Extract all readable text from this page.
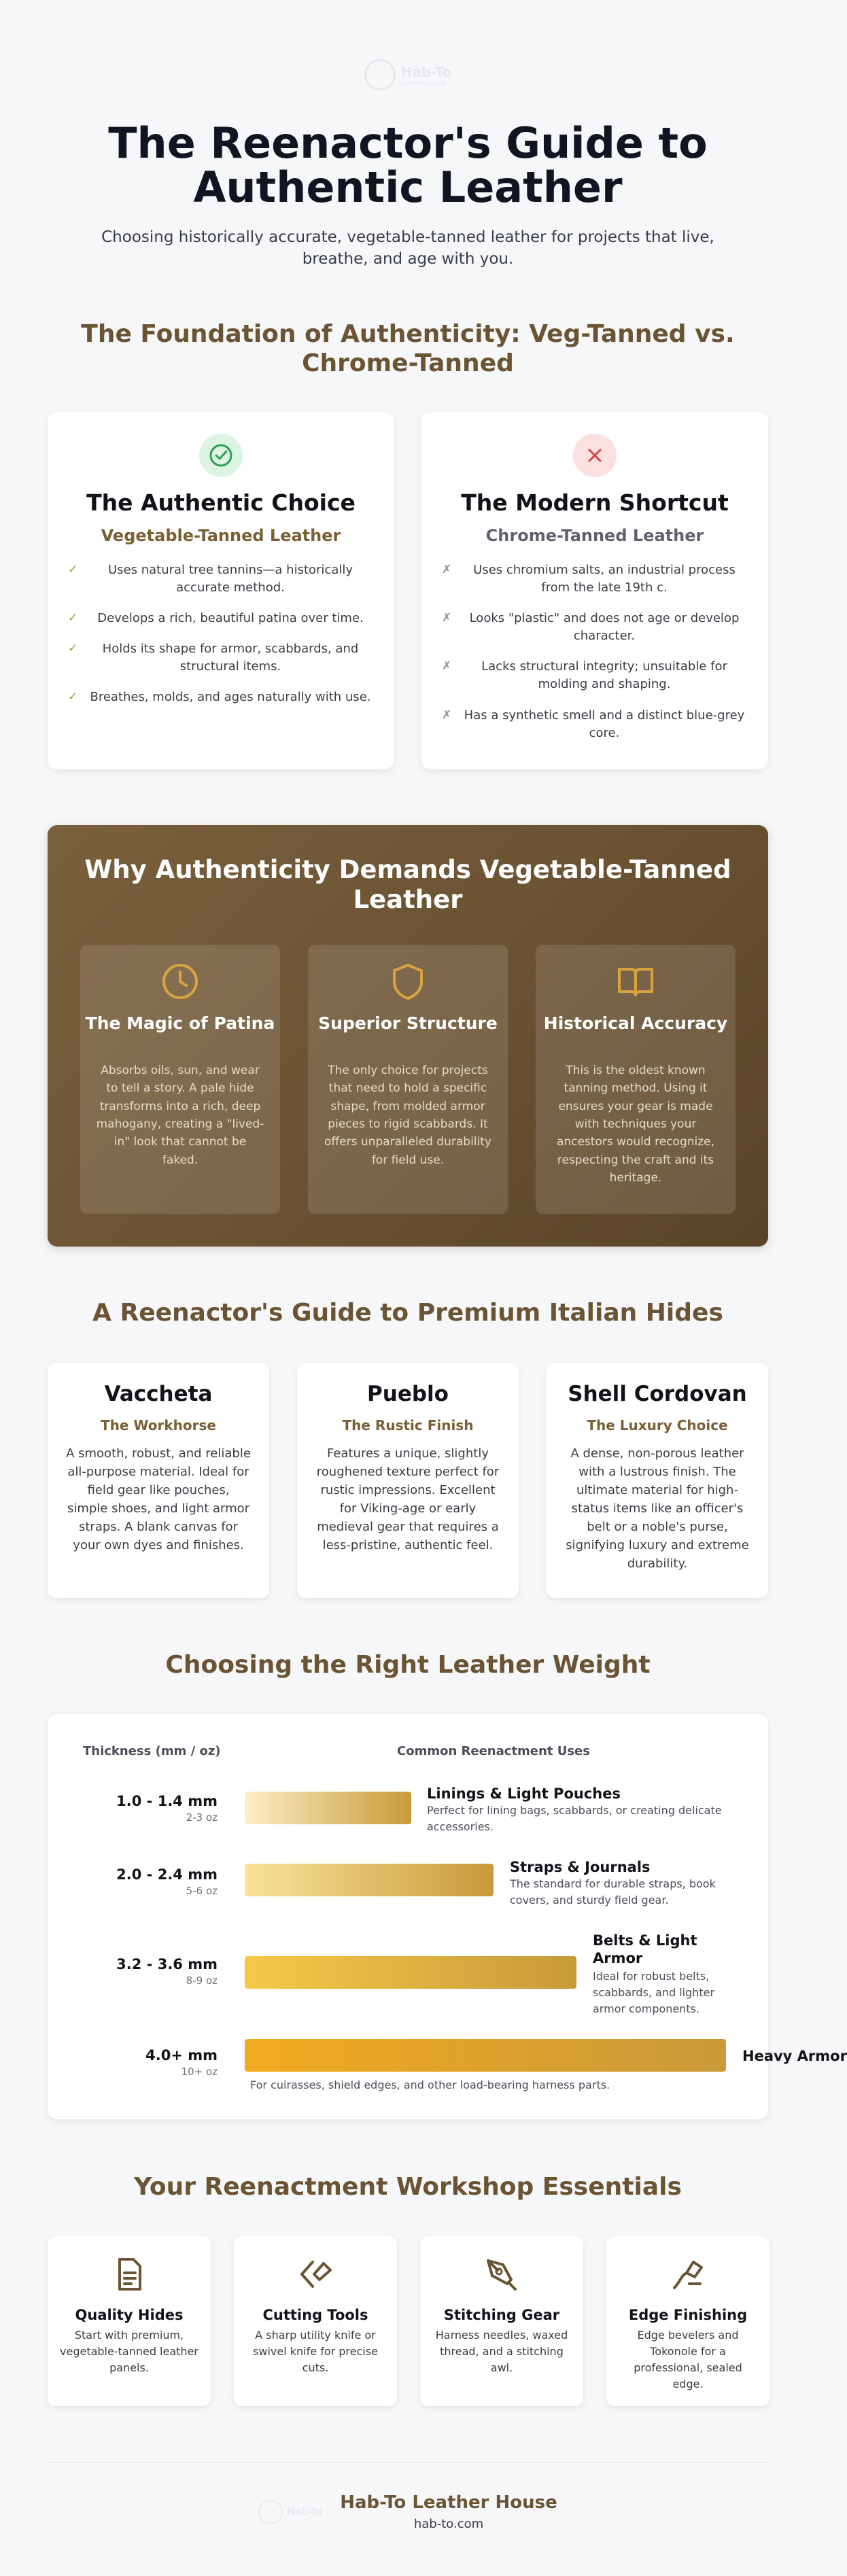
Hab-To
LEATHER HOUSE
The Reenactor's Guide to Authentic Leather

Choosing historically accurate, vegetable-tanned leather for projects that live, breathe, and age with you.

The Foundation of Authenticity: Veg-Tanned vs. Chrome-Tanned
The Authentic Choice
Vegetable-Tanned Leather
✓ Uses natural tree tannins—a historically accurate method.
✓ Develops a rich, beautiful patina over time.
✓ Holds its shape for armor, scabbards, and structural items.
✓ Breathes, molds, and ages naturally with use.
The Modern Shortcut
Chrome-Tanned Leather
✗ Uses chromium salts, an industrial process from the late 19th c.
✗ Looks "plastic" and does not age or develop character.
✗ Lacks structural integrity; unsuitable for molding and shaping.
✗ Has a synthetic smell and a distinct blue-grey core.
Why Authenticity Demands Vegetable-Tanned Leather
The Magic of Patina
Absorbs oils, sun, and wear to tell a story. A pale hide transforms into a rich, deep mahogany, creating a "lived-in" look that cannot be faked.
Superior Structure
The only choice for projects that need to hold a specific shape, from molded armor pieces to rigid scabbards. It offers unparalleled durability for field use.
Historical Accuracy
This is the oldest known tanning method. Using it ensures your gear is made with techniques your ancestors would recognize, respecting the craft and its heritage.
A Reenactor's Guide to Premium Italian Hides
Vaccheta
The Workhorse
A smooth, robust, and reliable all-purpose material. Ideal for field gear like pouches, simple shoes, and light armor straps. A blank canvas for your own dyes and finishes.
Pueblo
The Rustic Finish
Features a unique, slightly roughened texture perfect for rustic impressions. Excellent for Viking-age or early medieval gear that requires a less-pristine, authentic feel.
Shell Cordovan
The Luxury Choice
A dense, non-porous leather with a lustrous finish. The ultimate material for high-status items like an officer's belt or a noble's purse, signifying luxury and extreme durability.
Choosing the Right Leather Weight
Thickness (mm / oz)	Common Reenactment Uses
1.0 - 1.4 mm
2-3 oz
Linings & Light Pouches
Perfect for lining bags, scabbards, or creating delicate accessories.
2.0 - 2.4 mm
5-6 oz
Straps & Journals
The standard for durable straps, book covers, and sturdy field gear.
3.2 - 3.6 mm
8-9 oz
Belts & Light Armor
Ideal for robust belts, scabbards, and lighter armor components.
4.0+ mm
10+ oz
Heavy Armor
For cuirasses, shield edges, and other load-bearing harness parts.
Your Reenactment Workshop Essentials
Quality Hides
Start with premium, vegetable-tanned leather panels.
Cutting Tools
A sharp utility knife or swivel knife for precise cuts.
Stitching Gear
Harness needles, waxed thread, and a stitching awl.
Edge Finishing
Edge bevelers and Tokonole for a professional, sealed edge.
Hab-To Hab-To Leather House
hab-to.com
